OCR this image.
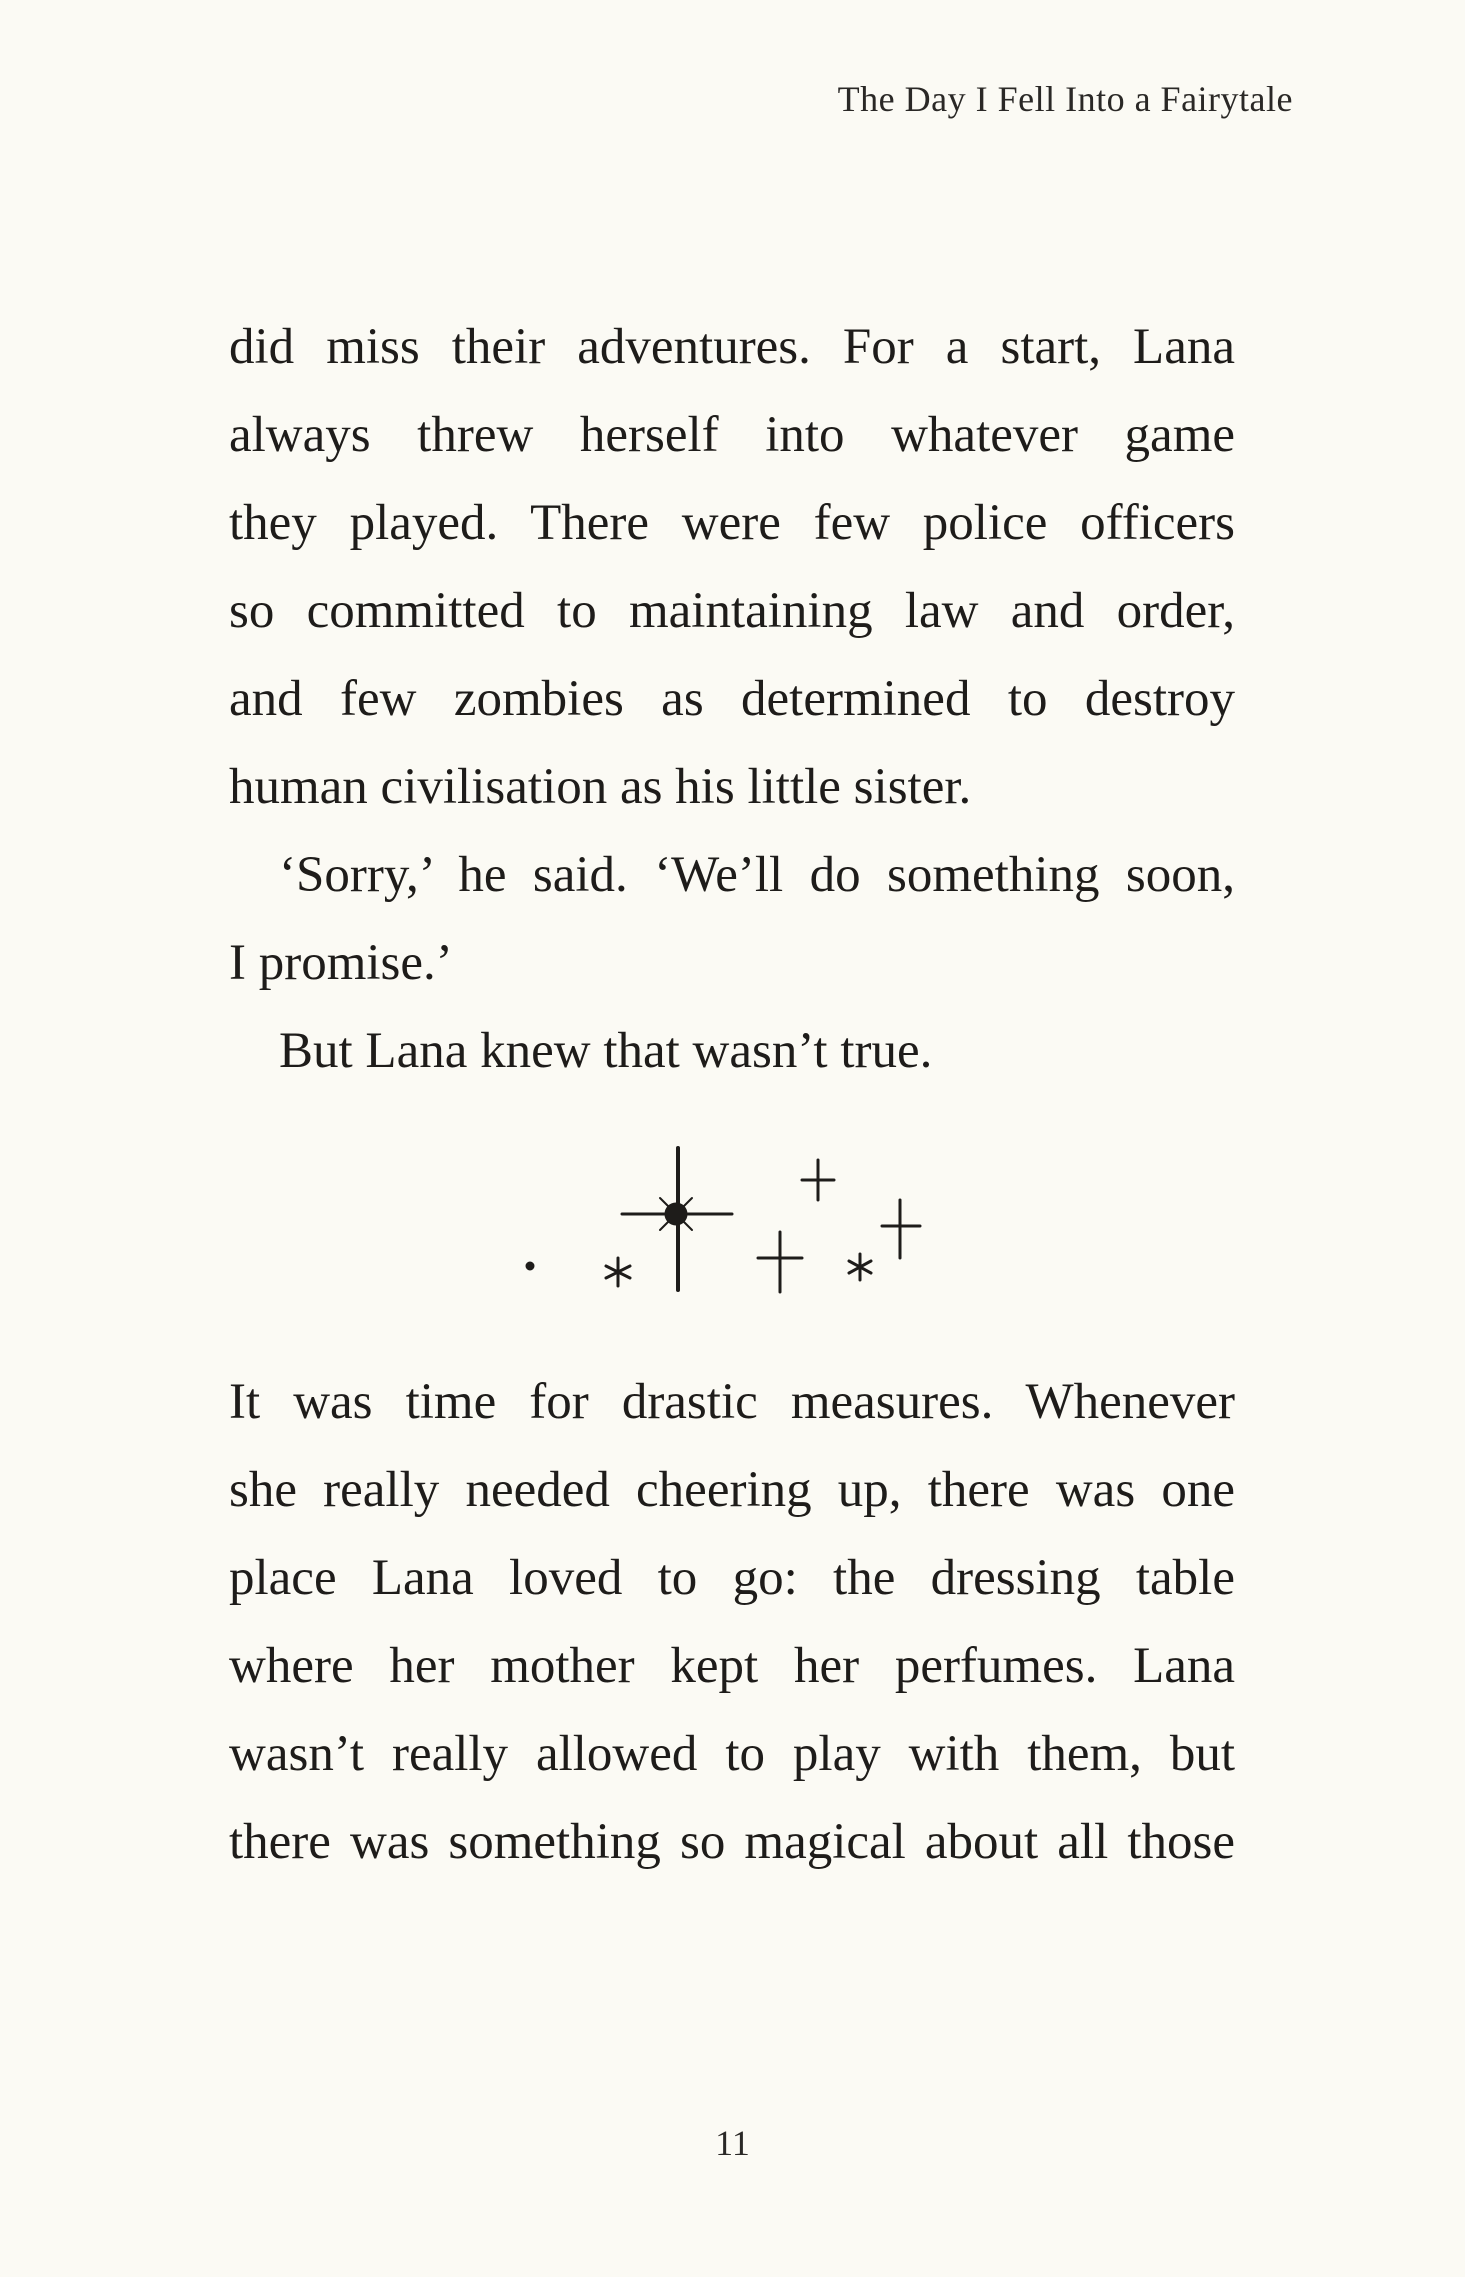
The Day I Fell Into a Fairytale
did miss their adventures. For a start, Lana
always threw herself into whatever game
they played. There were few police officers
so committed to maintaining law and order,
and few zombies as determined to destroy
human civilisation as his little sister.
‘Sorry,’ he said. ‘We’ll do something soon,
I promise.’
But Lana knew that wasn’t true.
It was time for drastic measures. Whenever
she really needed cheering up, there was one
place Lana loved to go: the dressing table
where her mother kept her perfumes. Lana
wasn’t really allowed to play with them, but
there was something so magical about all those
11
